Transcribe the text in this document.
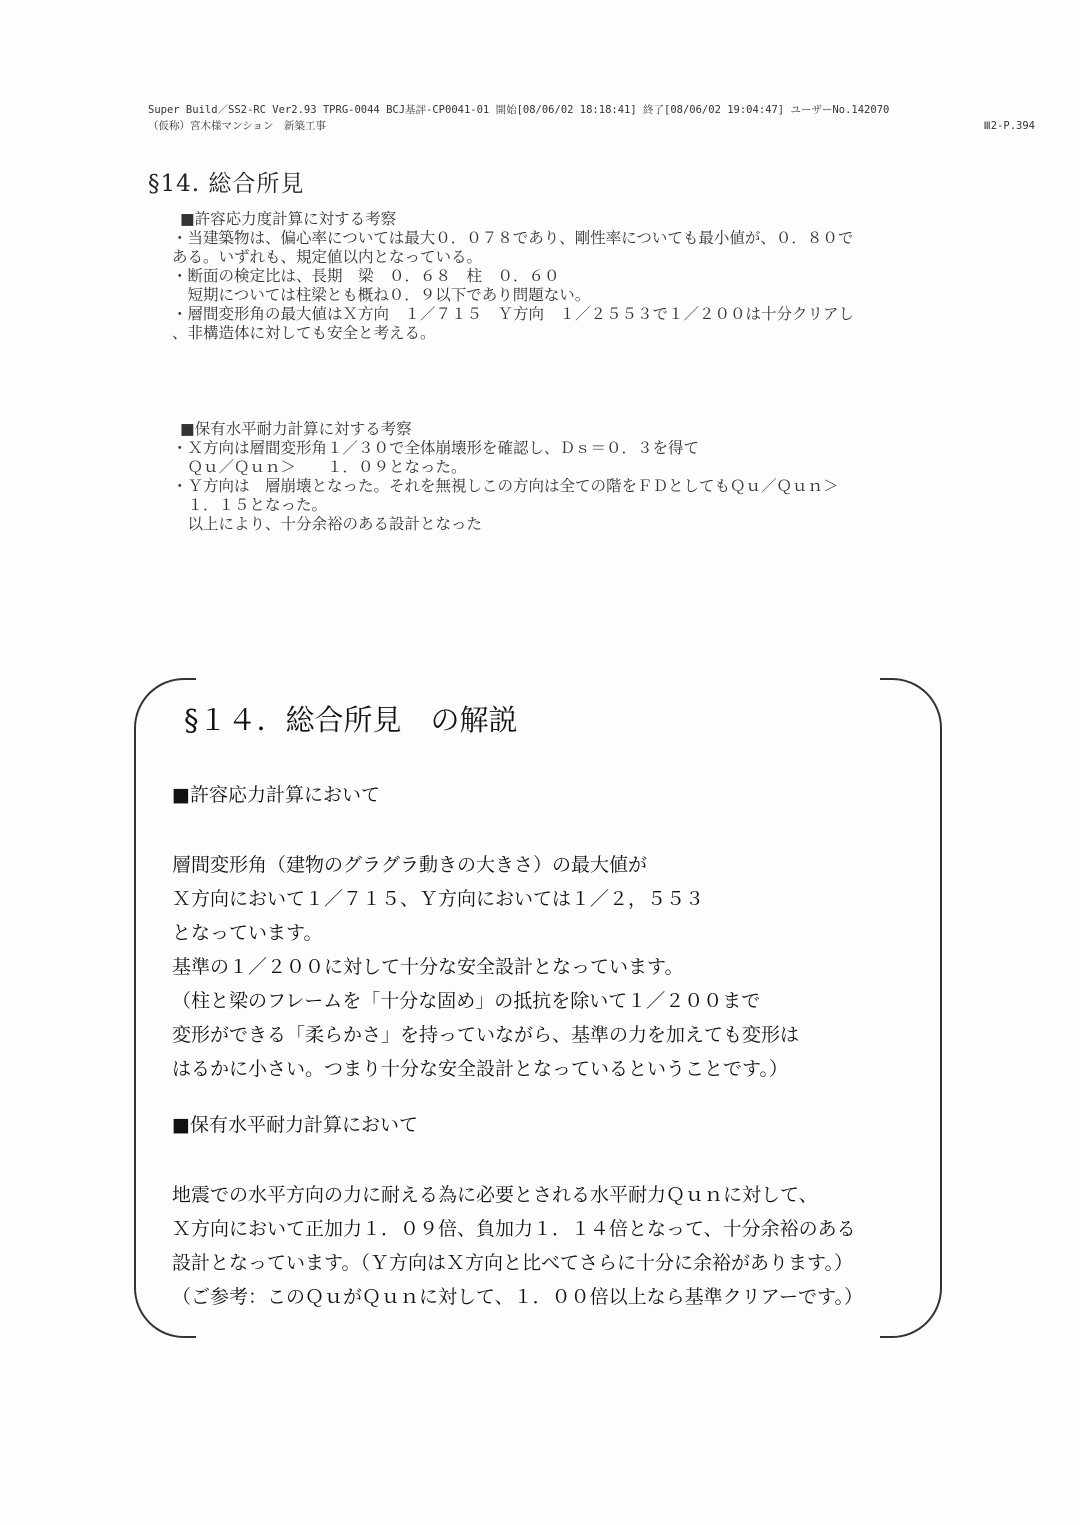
Super Build／SS2-RC Ver2.93 TPRG-0044 BCJ基評-CP0041-01 開始[08/06/02 18:18:41] 終了[08/06/02 19:04:47] ユーザーNo.142070
（仮称）宮木様マンション　新築工事	Ⅲ2-P.394
§14. 総合所見
■許容応力度計算に対する考察
・当建築物は、偏心率については最大０．０７８であり、剛性率についても最小値が、０．８０で
ある。いずれも、規定値以内となっている。
・断面の検定比は、長期　梁　０．６８　柱　０．６０
　短期については柱梁とも概ね０．９以下であり問題ない。
・層間変形角の最大値はＸ方向　１／７１５　Ｙ方向　１／２５５３で１／２００は十分クリアし
、非構造体に対しても安全と考える。
■保有水平耐力計算に対する考察
・Ｘ方向は層間変形角１／３０で全体崩壊形を確認し、Ｄｓ＝０．３を得て
　Ｑｕ／Ｑｕｎ＞　　１．０９となった。
・Ｙ方向は　層崩壊となった。それを無視しこの方向は全ての階をＦＤとしてもＱｕ／Ｑｕｎ＞
　１．１５となった。
　以上により、十分余裕のある設計となった
§１４．総合所見　の解説
■許容応力計算において
層間変形角（建物のグラグラ動きの大きさ）の最大値が
Ｘ方向において１／７１５、Ｙ方向においては１／２，５５３
となっています。
基準の１／２００に対して十分な安全設計となっています。
（柱と梁のフレームを「十分な固め」の抵抗を除いて１／２００まで
変形ができる「柔らかさ」を持っていながら、基準の力を加えても変形は
はるかに小さい。つまり十分な安全設計となっているということです。）
■保有水平耐力計算において
地震での水平方向の力に耐える為に必要とされる水平耐力Ｑｕｎに対して、
Ｘ方向において正加力１．０９倍、負加力１．１４倍となって、十分余裕のある
設計となっています。（Ｙ方向はＸ方向と比べてさらに十分に余裕があります。）
（ご参考：このＱｕがＱｕｎに対して、１．００倍以上なら基準クリアーです。）
